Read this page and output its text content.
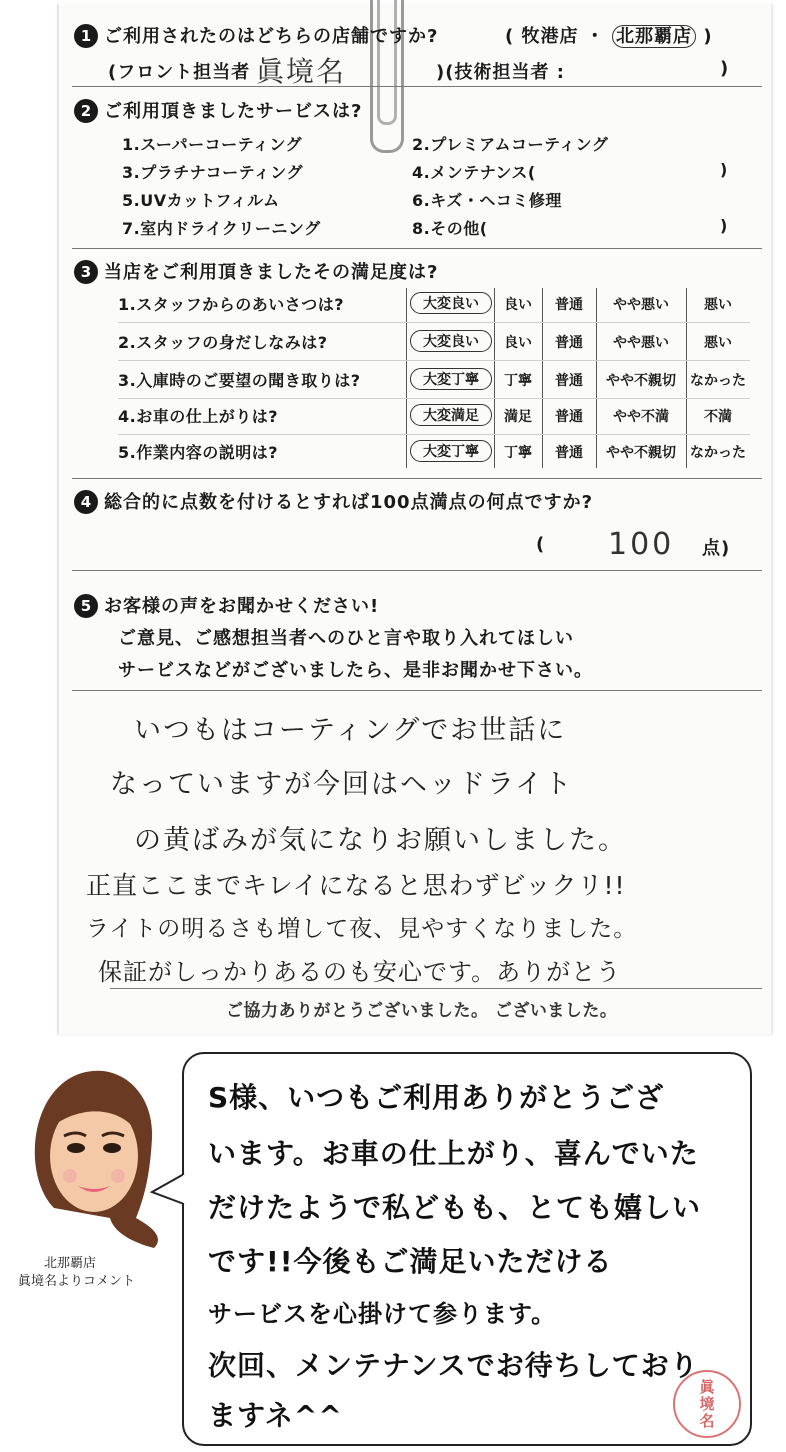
1 ご利用されたのはどちらの店舗ですか?	( 牧港店 ・ 北那覇店 )
(フロント担当者 眞境名	)(技術担当者 :	)
2 ご利用頂きましたサービスは?
1.スーパーコーティング	2.プレミアムコーティング
3.プラチナコーティング	4.メンテナンス(	)
5.UVカットフィルム	6.キズ・ヘコミ修理
7.室内ドライクリーニング	8.その他(	)
3 当店をご利用頂きましたその満足度は?
1.スタッフからのあいさつは?	大変良い	良い	普通	やや悪い	悪い
2.スタッフの身だしなみは?	大変良い	良い	普通	やや悪い	悪い
3.入庫時のご要望の聞き取りは?	大変丁寧	丁寧	普通	やや不親切	なかった
4.お車の仕上がりは?	大変満足	満足	普通	やや不満	不満
5.作業内容の説明は?	大変丁寧	丁寧	普通	やや不親切	なかった
4 総合的に点数を付けるとすれば100点満点の何点ですか?
( 100 点)
5 お客様の声をお聞かせください!
ご意見、ご感想担当者へのひと言や取り入れてほしい
サービスなどがございましたら、是非お聞かせ下さい。
いつもはコーティングでお世話に
なっていますが今回はヘッドライト
の黄ばみが気になりお願いしました。
正直ここまでキレイになると思わずビックリ!!
ライトの明るさも増して夜、見やすくなりました。
保証がしっかりあるのも安心です。ありがとう
ご協力ありがとうございました。 ございました。
北那覇店
眞境名よりコメント
S様、いつもご利用ありがとうござ
います。お車の仕上がり、喜んでいた
だけたようで私どもも、とても嬉しい
です!!今後もご満足いただける
サービスを心掛けて参ります。
次回、メンテナンスでお待ちしており
ますネ^^
眞
境
名
